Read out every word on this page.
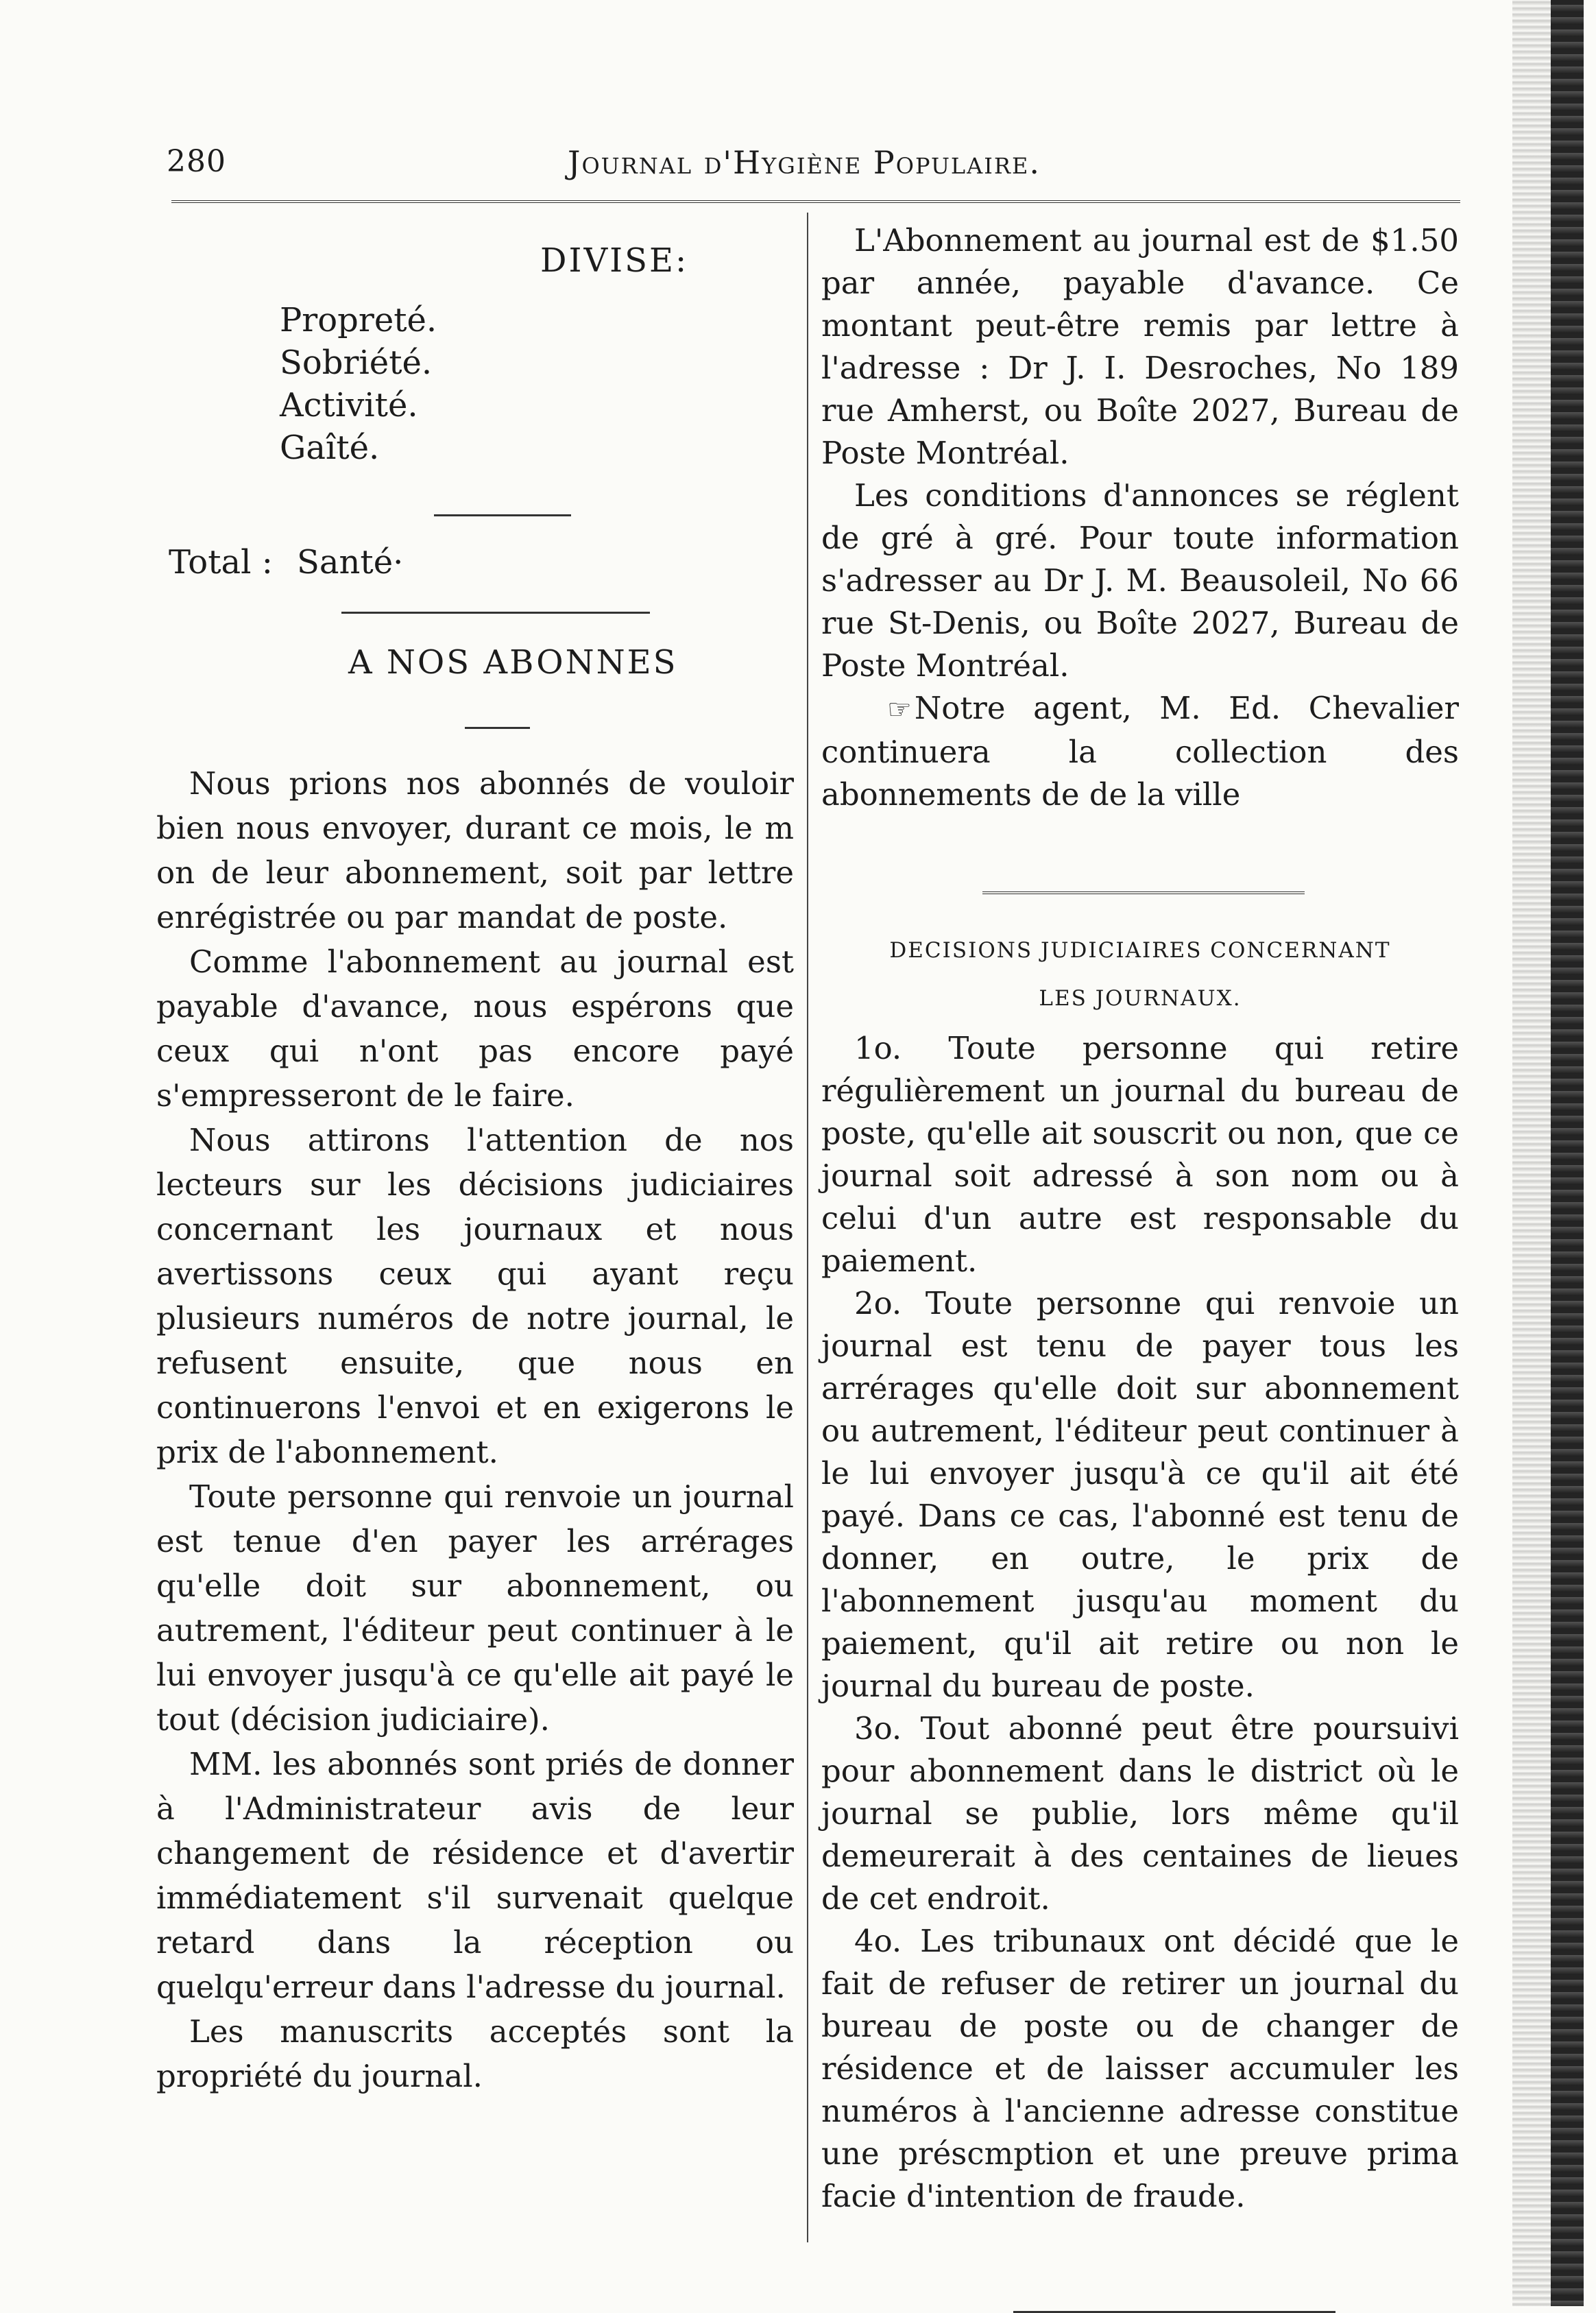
280	Journal d'Hygiène Populaire.
DIVISE:
Propreté.
Sobriété.
Activité.
Gaîté.
Total : Santé·
A NOS ABONNES

Nous prions nos abonnés de vouloir bien nous envoyer, durant ce mois, le m on de leur abonnement, soit par lettre enrégistrée ou par mandat de poste.

Comme l'abonnement au journal est payable d'avance, nous espérons que ceux qui n'ont pas encore payé s'empresseront de le faire.

Nous attirons l'attention de nos lecteurs sur les décisions judiciaires concernant les journaux et nous avertissons ceux qui ayant reçu plusieurs numéros de notre journal, le refusent ensuite, que nous en continuerons l'envoi et en exigerons le prix de l'abonnement.

Toute personne qui renvoie un journal est tenue d'en payer les arrérages qu'elle doit sur abonnement, ou autrement, l'éditeur peut continuer à le lui envoyer jusqu'à ce qu'elle ait payé le tout (décision judiciaire).

MM. les abonnés sont priés de donner à l'Administrateur avis de leur changement de résidence et d'avertir immédiatement s'il survenait quelque retard dans la réception ou quelqu'erreur dans l'adresse du journal.

Les manuscrits acceptés sont la propriété du journal.

L'Abonnement au journal est de $1.50 par année, payable d'avance. Ce montant peut-être remis par lettre à l'adresse : Dr J. I. Desroches, No 189 rue Amherst, ou Boîte 2027, Bureau de Poste Montréal.

Les conditions d'annonces se réglent de gré à gré. Pour toute information s'adresser au Dr J. M. Beausoleil, No 66 rue St-Denis, ou Boîte 2027, Bureau de Poste Montréal.

☞Notre agent, M. Ed. Chevalier continuera la collection des abonnements de de la ville

DECISIONS JUDICIAIRES CONCERNANT
LES JOURNAUX.

1o. Toute personne qui retire régulièrement un journal du bureau de poste, qu'elle ait souscrit ou non, que ce journal soit adressé à son nom ou à celui d'un autre est responsable du paiement.

2o. Toute personne qui renvoie un journal est tenu de payer tous les arrérages qu'elle doit sur abonnement ou autrement, l'éditeur peut continuer à le lui envoyer jusqu'à ce qu'il ait été payé. Dans ce cas, l'abonné est tenu de donner, en outre, le prix de l'abonnement jusqu'au moment du paiement, qu'il ait retire ou non le journal du bureau de poste.

3o. Tout abonné peut être poursuivi pour abonnement dans le district où le journal se publie, lors même qu'il demeurerait à des centaines de lieues de cet endroit.

4o. Les tribunaux ont décidé que le fait de refuser de retirer un journal du bureau de poste ou de changer de résidence et de laisser accumuler les numéros à l'ancienne adresse constitue une préscmption et une preuve prima facie d'intention de fraude.
